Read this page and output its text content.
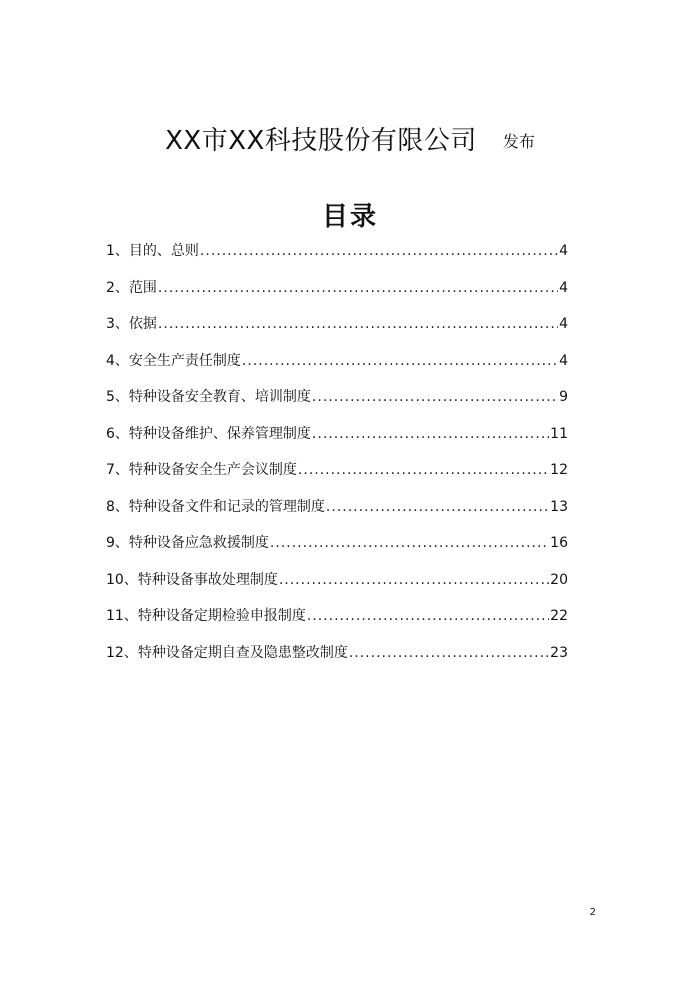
XX市XX科技股份有限公司 发布
目录
1、 目的、总则 .....	4
2、 范围 .....	4
3、 依据 .....	4
4、 安全生产责任制度 .....	4
5、 特种设备安全教育、培训制度 .....	9
6、 特种设备维护、保养管理制度 .....	11
7、 特种设备安全生产会议制度 .....	12
8、 特种设备文件和记录的管理制度 .....	13
9、 特种设备应急救援制度 .....	16
10、 特种设备事故处理制度 .....	20
11、 特种设备定期检验申报制度 .....	22
12、 特种设备定期自查及隐患整改制度 .....	23
2
